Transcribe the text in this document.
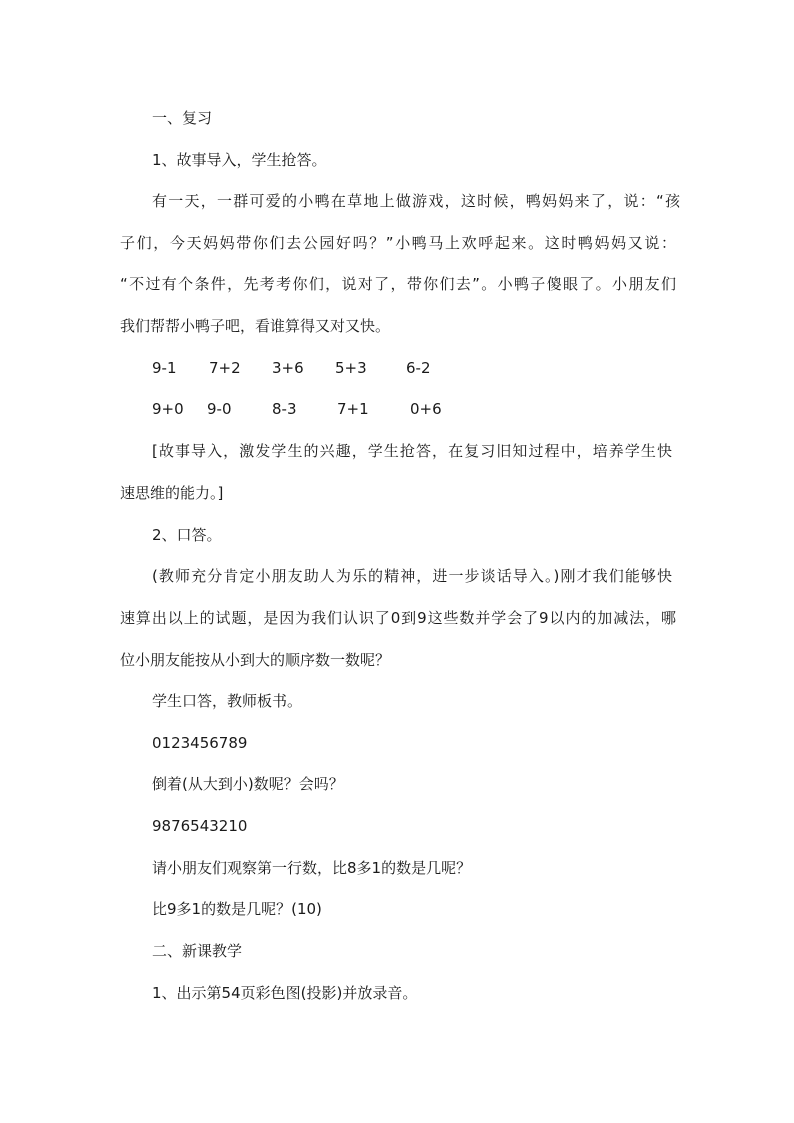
一、复习
1、故事导入，学生抢答。
有一天，一群可爱的小鸭在草地上做游戏，这时候，鸭妈妈来了，说：“孩
子们，今天妈妈带你们去公园好吗？”小鸭马上欢呼起来。这时鸭妈妈又说：
“不过有个条件，先考考你们，说对了，带你们去”。小鸭子傻眼了。小朋友们
我们帮帮小鸭子吧，看谁算得又对又快。
9-1 7+2 3+6 5+3	6-2
9+0 9-0	8-3	7+1	0+6
[故事导入，激发学生的兴趣，学生抢答，在复习旧知过程中，培养学生快
速思维的能力。]
2、口答。
(教师充分肯定小朋友助人为乐的精神，进一步谈话导入。)刚才我们能够快
速算出以上的试题，是因为我们认识了0到9这些数并学会了9以内的加减法，哪
位小朋友能按从小到大的顺序数一数呢？
学生口答，教师板书。
0123456789
倒着(从大到小)数呢？会吗？
9876543210
请小朋友们观察第一行数，比8多1的数是几呢？
比9多1的数是几呢？(10)
二、新课教学
1、出示第54页彩色图(投影)并放录音。
